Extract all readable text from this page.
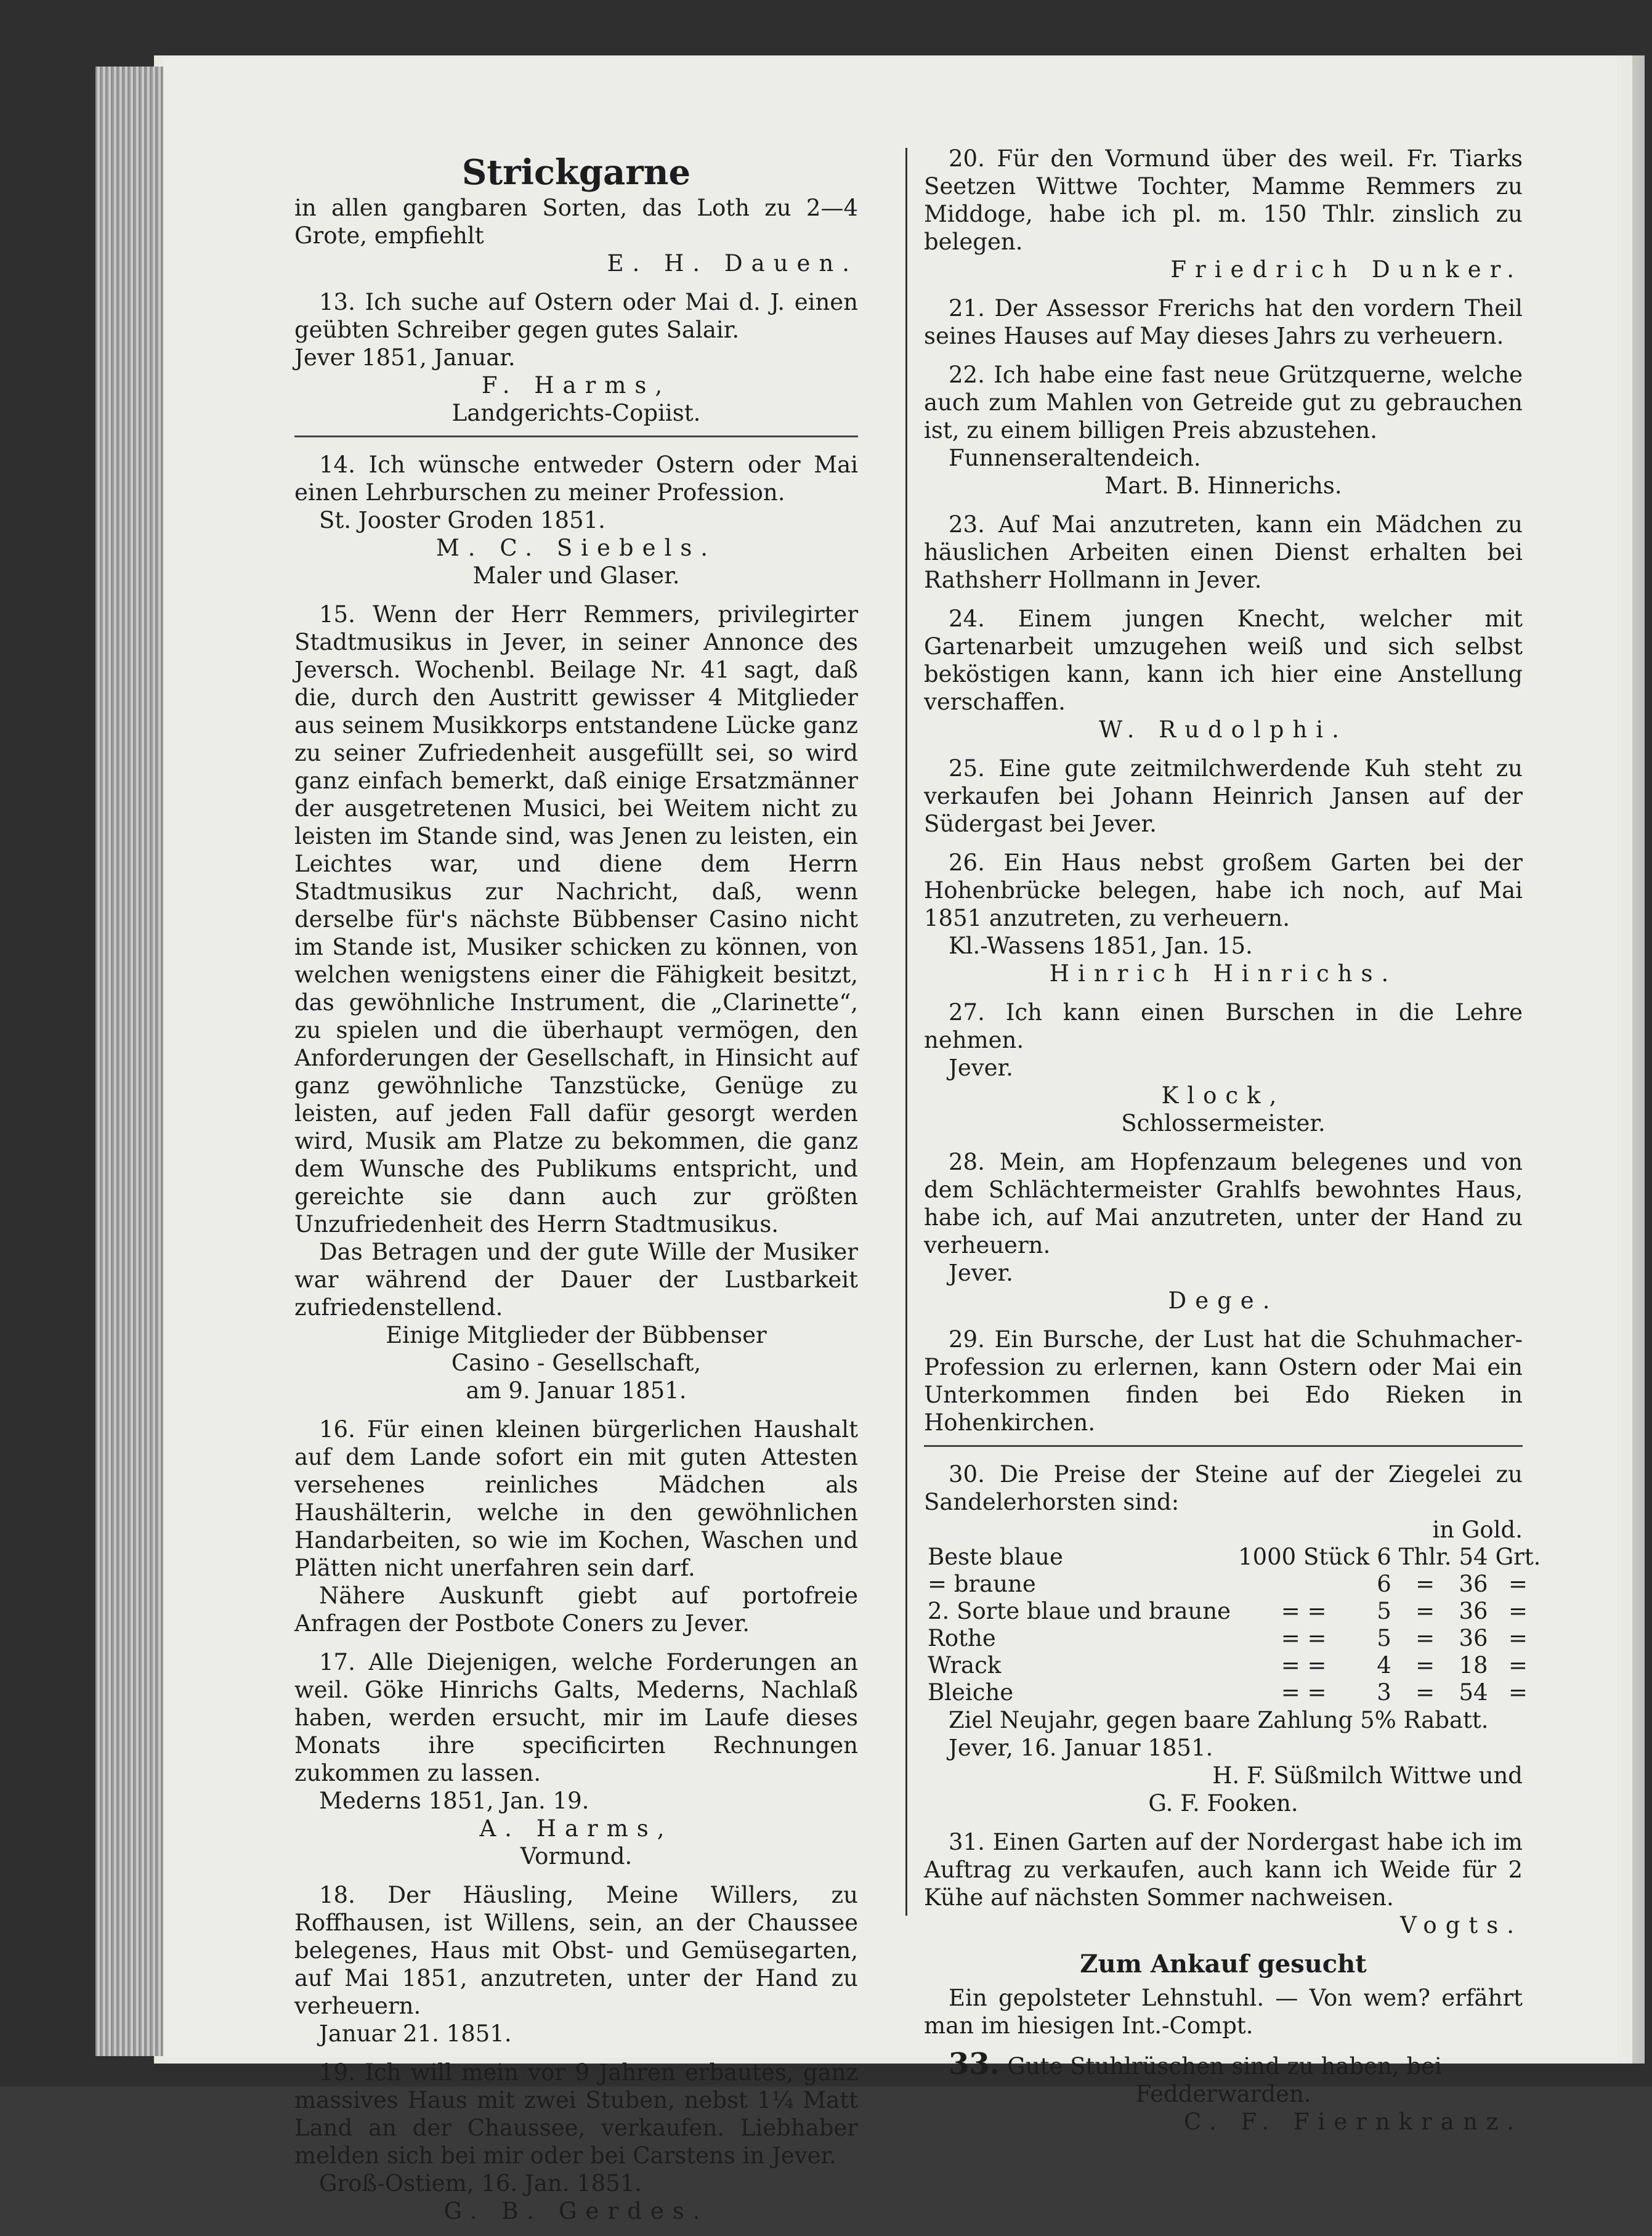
Strickgarne

in allen gangbaren Sorten, das Loth zu 2—4 Grote, empfiehlt

E. H. Dauen.

13. Ich suche auf Ostern oder Mai d. J. einen geübten Schreiber gegen gutes Salair.

Jever 1851, Januar.

F. Harms,

Landgerichts-Copiist.

14. Ich wünsche entweder Ostern oder Mai einen Lehrburschen zu meiner Profession.

St. Jooster Groden 1851.

M. C. Siebels.

Maler und Glaser.

15. Wenn der Herr Remmers, privilegirter Stadtmusikus in Jever, in seiner Annonce des Jeversch. Wochenbl. Beilage Nr. 41 sagt, daß die, durch den Austritt gewisser 4 Mitglieder aus seinem Musikkorps entstandene Lücke ganz zu seiner Zufriedenheit ausgefüllt sei, so wird ganz einfach bemerkt, daß einige Ersatzmänner der ausgetretenen Musici, bei Weitem nicht zu leisten im Stande sind, was Jenen zu leisten, ein Leichtes war, und diene dem Herrn Stadtmusikus zur Nachricht, daß, wenn derselbe für's nächste Bübbenser Casino nicht im Stande ist, Musiker schicken zu können, von welchen wenigstens einer die Fähigkeit besitzt, das gewöhnliche Instrument, die „Clarinette“, zu spielen und die überhaupt vermögen, den Anforderungen der Gesellschaft, in Hinsicht auf ganz gewöhnliche Tanzstücke, Genüge zu leisten, auf jeden Fall dafür gesorgt werden wird, Musik am Platze zu bekommen, die ganz dem Wunsche des Publikums entspricht, und gereichte sie dann auch zur größten Unzufriedenheit des Herrn Stadtmusikus.

Das Betragen und der gute Wille der Musiker war während der Dauer der Lustbarkeit zufriedenstellend.

Einige Mitglieder der Bübbenser

Casino - Gesellschaft,

am 9. Januar 1851.

16. Für einen kleinen bürgerlichen Haushalt auf dem Lande sofort ein mit guten Attesten versehenes reinliches Mädchen als Haushälterin, welche in den gewöhnlichen Handarbeiten, so wie im Kochen, Waschen und Plätten nicht unerfahren sein darf.

Nähere Auskunft giebt auf portofreie Anfragen der Postbote Coners zu Jever.

17. Alle Diejenigen, welche Forderungen an weil. Göke Hinrichs Galts, Mederns, Nachlaß haben, werden ersucht, mir im Laufe dieses Monats ihre specificirten Rechnungen zukommen zu lassen.

Mederns 1851, Jan. 19.

A. Harms,

Vormund.

18. Der Häusling, Meine Willers, zu Roffhausen, ist Willens, sein, an der Chaussee belegenes, Haus mit Obst- und Gemüsegarten, auf Mai 1851, anzutreten, unter der Hand zu verheuern.

Januar 21. 1851.

19. Ich will mein vor 9 Jahren erbautes, ganz massives Haus mit zwei Stuben, nebst 1¼ Matt Land an der Chaussee, verkaufen. Liebhaber melden sich bei mir oder bei Carstens in Jever.

Groß-Ostiem, 16. Jan. 1851.

G. B. Gerdes.

20. Für den Vormund über des weil. Fr. Tiarks Seetzen Wittwe Tochter, Mamme Remmers zu Middoge, habe ich pl. m. 150 Thlr. zinslich zu belegen.

Friedrich Dunker.

21. Der Assessor Frerichs hat den vordern Theil seines Hauses auf May dieses Jahrs zu verheuern.

22. Ich habe eine fast neue Grützquerne, welche auch zum Mahlen von Getreide gut zu gebrauchen ist, zu einem billigen Preis abzustehen.

Funnenseraltendeich.

Mart. B. Hinnerichs.

23. Auf Mai anzutreten, kann ein Mädchen zu häuslichen Arbeiten einen Dienst erhalten bei Rathsherr Hollmann in Jever.

24. Einem jungen Knecht, welcher mit Gartenarbeit umzugehen weiß und sich selbst beköstigen kann, kann ich hier eine Anstellung verschaffen.

W. Rudolphi.

25. Eine gute zeitmilchwerdende Kuh steht zu verkaufen bei Johann Heinrich Jansen auf der Südergast bei Jever.

26. Ein Haus nebst großem Garten bei der Hohenbrücke belegen, habe ich noch, auf Mai 1851 anzutreten, zu verheuern.

Kl.-Wassens 1851, Jan. 15.

Hinrich Hinrichs.

27. Ich kann einen Burschen in die Lehre nehmen.

Jever.

Klock,

Schlossermeister.

28. Mein, am Hopfenzaum belegenes und von dem Schlächtermeister Grahlfs bewohntes Haus, habe ich, auf Mai anzutreten, unter der Hand zu verheuern.

Jever.

Dege.

29. Ein Bursche, der Lust hat die Schuhmacher-Profession zu erlernen, kann Ostern oder Mai ein Unterkommen finden bei Edo Rieken in Hohenkirchen.

30. Die Preise der Steine auf der Ziegelei zu Sandelerhorsten sind:

in Gold.

Beste blaue	1000 Stück	6	Thlr.	54	Grt.
= braune		6	=	36	=
2. Sorte blaue und braune	= =	5	=	36	=
Rothe	= =	5	=	36	=
Wrack	= =	4	=	18	=
Bleiche	= =	3	=	54	=

Ziel Neujahr, gegen baare Zahlung 5% Rabatt.

Jever, 16. Januar 1851.

H. F. Süßmilch Wittwe und

G. F. Fooken.

31. Einen Garten auf der Nordergast habe ich im Auftrag zu verkaufen, auch kann ich Weide für 2 Kühe auf nächsten Sommer nachweisen.

Vogts.

Zum Ankauf gesucht

Ein gepolsteter Lehnstuhl. — Von wem? erfährt man im hiesigen Int.-Compt.

33. Gute Stuhlrüschen sind zu haben, bei

Fedderwarden.

C. F. Fiernkranz.
